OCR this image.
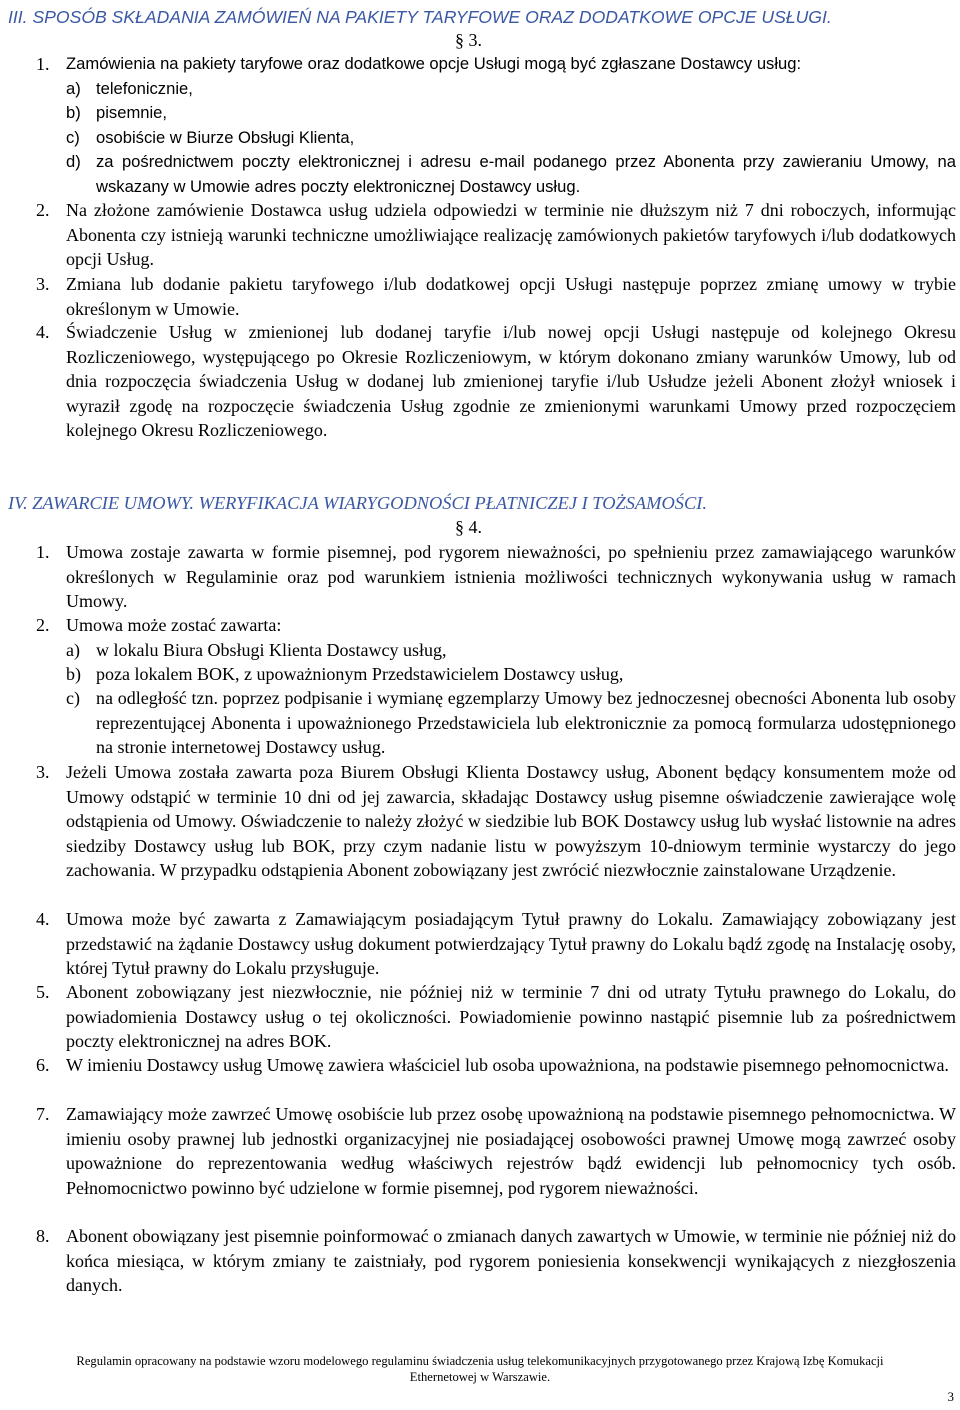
III. SPOSÓB SKŁADANIA ZAMÓWIEŃ NA PAKIETY TARYFOWE ORAZ DODATKOWE OPCJE USŁUGI.
§ 3.
1. Zamówienia na pakiety taryfowe oraz dodatkowe opcje Usługi mogą być zgłaszane Dostawcy usług:
a) telefonicznie,
b) pisemnie,
c) osobiście w Biurze Obsługi Klienta,
d) za pośrednictwem poczty elektronicznej i adresu e-mail podanego przez Abonenta przy zawieraniu Umowy, na wskazany w Umowie adres poczty elektronicznej Dostawcy usług.
2. Na złożone zamówienie Dostawca usług udziela odpowiedzi w terminie nie dłuższym niż 7 dni roboczych, informując Abonenta czy istnieją warunki techniczne umożliwiające realizację zamówionych pakietów taryfowych i/lub dodatkowych opcji Usług.
3. Zmiana lub dodanie pakietu taryfowego i/lub dodatkowej opcji Usługi następuje poprzez zmianę umowy w trybie określonym w Umowie.
4. Świadczenie Usług w zmienionej lub dodanej taryfie i/lub nowej opcji Usługi następuje od kolejnego Okresu Rozliczeniowego, występującego po Okresie Rozliczeniowym, w którym dokonano zmiany warunków Umowy, lub od dnia rozpoczęcia świadczenia Usług w dodanej lub zmienionej taryfie i/lub Usłudze jeżeli Abonent złożył wniosek i wyraził zgodę na rozpoczęcie świadczenia Usług zgodnie ze zmienionymi warunkami Umowy przed rozpoczęciem kolejnego Okresu Rozliczeniowego.
IV. ZAWARCIE UMOWY. WERYFIKACJA WIARYGODNOŚCI PŁATNICZEJ I TOŻSAMOŚCI.
§ 4.
1. Umowa zostaje zawarta w formie pisemnej, pod rygorem nieważności, po spełnieniu przez zamawiającego warunków określonych w Regulaminie oraz pod warunkiem istnienia możliwości technicznych wykonywania usług w ramach Umowy.
2. Umowa może zostać zawarta:
a) w lokalu Biura Obsługi Klienta Dostawcy usług,
b) poza lokalem BOK, z upoważnionym Przedstawicielem Dostawcy usług,
c) na odległość tzn. poprzez podpisanie i wymianę egzemplarzy Umowy bez jednoczesnej obecności Abonenta lub osoby reprezentującej Abonenta i upoważnionego Przedstawiciela lub elektronicznie za pomocą formularza udostępnionego na stronie internetowej Dostawcy usług.
3. Jeżeli Umowa została zawarta poza Biurem Obsługi Klienta Dostawcy usług, Abonent będący konsumentem może od Umowy odstąpić w terminie 10 dni od jej zawarcia, składając Dostawcy usług pisemne oświadczenie zawierające wolę odstąpienia od Umowy. Oświadczenie to należy złożyć w siedzibie lub BOK Dostawcy usług lub wysłać listownie na adres siedziby Dostawcy usług lub BOK, przy czym nadanie listu w powyższym 10-dniowym terminie wystarczy do jego zachowania. W przypadku odstąpienia Abonent zobowiązany jest zwrócić niezwłocznie zainstalowane Urządzenie.
4. Umowa może być zawarta z Zamawiającym posiadającym Tytuł prawny do Lokalu. Zamawiający zobowiązany jest przedstawić na żądanie Dostawcy usług dokument potwierdzający Tytuł prawny do Lokalu bądź zgodę na Instalację osoby, której Tytuł prawny do Lokalu przysługuje.
5. Abonent zobowiązany jest niezwłocznie, nie później niż w terminie 7 dni od utraty Tytułu prawnego do Lokalu, do powiadomienia Dostawcy usług o tej okoliczności. Powiadomienie powinno nastąpić pisemnie lub za pośrednictwem poczty elektronicznej na adres BOK.
6. W imieniu Dostawcy usług Umowę zawiera właściciel lub osoba upoważniona, na podstawie pisemnego pełnomocnictwa.
7. Zamawiający może zawrzeć Umowę osobiście lub przez osobę upoważnioną na podstawie pisemnego pełnomocnictwa. W imieniu osoby prawnej lub jednostki organizacyjnej nie posiadającej osobowości prawnej Umowę mogą zawrzeć osoby upoważnione do reprezentowania według właściwych rejestrów bądź ewidencji lub pełnomocnicy tych osób. Pełnomocnictwo powinno być udzielone w formie pisemnej, pod rygorem nieważności.
8. Abonent obowiązany jest pisemnie poinformować o zmianach danych zawartych w Umowie, w terminie nie później niż do końca miesiąca, w którym zmiany te zaistniały, pod rygorem poniesienia konsekwencji wynikających z niezgłoszenia danych.
Regulamin opracowany na podstawie wzoru modelowego regulaminu świadczenia usług telekomunikacyjnych przygotowanego przez Krajową Izbę Komukacji
Ethernetowej w Warszawie.
3
